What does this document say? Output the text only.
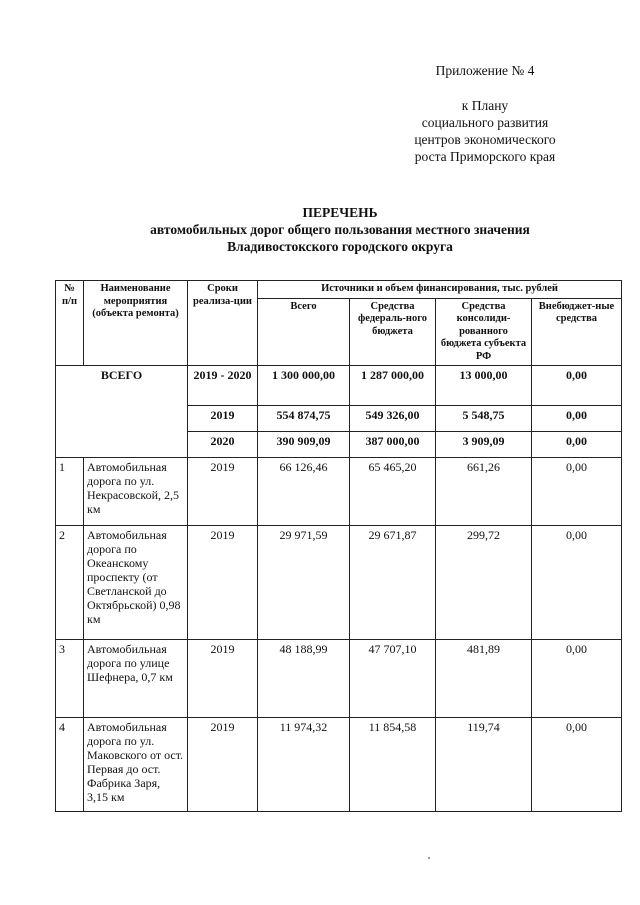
Приложение № 4
к Плану
социального развития
центров экономического
роста Приморского края
ПЕРЕЧЕНЬ
автомобильных дорог общего пользования местного значения
Владивостокского городского округа
№ п/п	Наименование мероприятия (объекта ремонта)	Сроки реализа-ции	Источники и объем финансирования, тыс. рублей			
			Всего	Средства федераль-ного бюджета	Средства консолиди-рованного бюджета субъекта РФ	Внебюджет-ные средства
ВСЕГО		2019 - 2020	1 300 000,00	1 287 000,00	13 000,00	0,00
		2019	554 874,75	549 326,00	5 548,75	0,00
		2020	390 909,09	387 000,00	3 909,09	0,00
1	Автомобильная дорога по ул. Некрасовской, 2,5 км	2019	66 126,46	65 465,20	661,26	0,00
2	Автомобильная дорога по Океанскому проспекту (от Светланской до Октябрьской) 0,98 км	2019	29 971,59	29 671,87	299,72	0,00
3	Автомобильная дорога по улице Шефнера, 0,7 км	2019	48 188,99	47 707,10	481,89	0,00
4	Автомобильная дорога по ул. Маковского от ост. Первая до ост. Фабрика Заря, 3,15 км	2019	11 974,32	11 854,58	119,74	0,00
